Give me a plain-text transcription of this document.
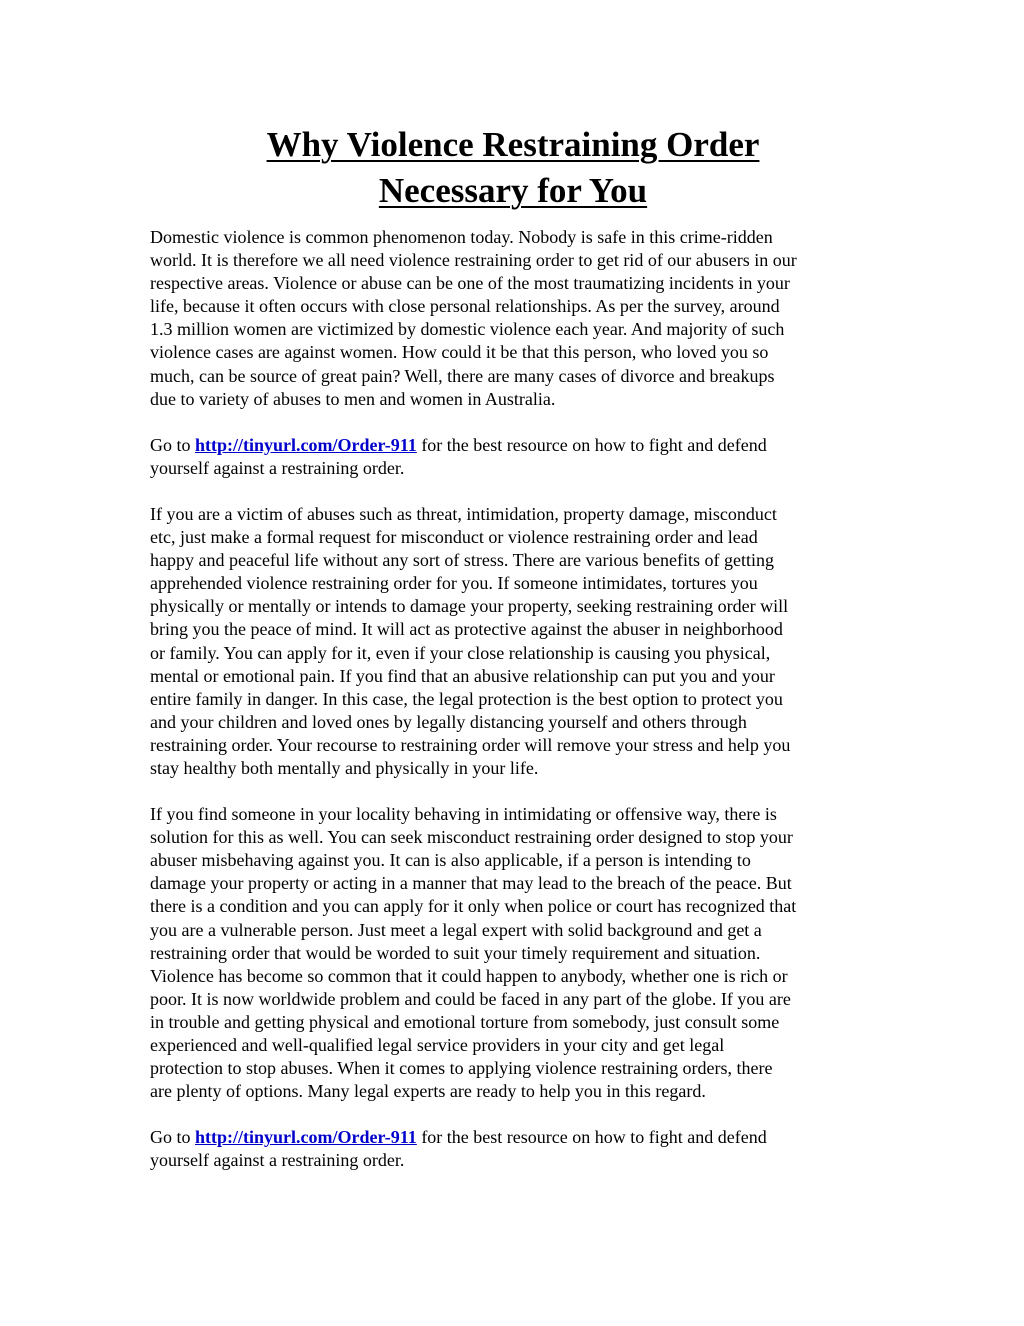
Why Violence Restraining Order
Necessary for You

Domestic violence is common phenomenon today. Nobody is safe in this crime-ridden
world. It is therefore we all need violence restraining order to get rid of our abusers in our
respective areas. Violence or abuse can be one of the most traumatizing incidents in your
life, because it often occurs with close personal relationships. As per the survey, around
1.3 million women are victimized by domestic violence each year. And majority of such
violence cases are against women. How could it be that this person, who loved you so
much, can be source of great pain? Well, there are many cases of divorce and breakups
due to variety of abuses to men and women in Australia.

Go to http://tinyurl.com/Order-911 for the best resource on how to fight and defend
yourself against a restraining order.

If you are a victim of abuses such as threat, intimidation, property damage, misconduct
etc, just make a formal request for misconduct or violence restraining order and lead
happy and peaceful life without any sort of stress. There are various benefits of getting
apprehended violence restraining order for you. If someone intimidates, tortures you
physically or mentally or intends to damage your property, seeking restraining order will
bring you the peace of mind. It will act as protective against the abuser in neighborhood
or family. You can apply for it, even if your close relationship is causing you physical,
mental or emotional pain. If you find that an abusive relationship can put you and your
entire family in danger. In this case, the legal protection is the best option to protect you
and your children and loved ones by legally distancing yourself and others through
restraining order. Your recourse to restraining order will remove your stress and help you
stay healthy both mentally and physically in your life.

If you find someone in your locality behaving in intimidating or offensive way, there is
solution for this as well. You can seek misconduct restraining order designed to stop your
abuser misbehaving against you. It can is also applicable, if a person is intending to
damage your property or acting in a manner that may lead to the breach of the peace. But
there is a condition and you can apply for it only when police or court has recognized that
you are a vulnerable person. Just meet a legal expert with solid background and get a
restraining order that would be worded to suit your timely requirement and situation.
Violence has become so common that it could happen to anybody, whether one is rich or
poor. It is now worldwide problem and could be faced in any part of the globe. If you are
in trouble and getting physical and emotional torture from somebody, just consult some
experienced and well-qualified legal service providers in your city and get legal
protection to stop abuses. When it comes to applying violence restraining orders, there
are plenty of options. Many legal experts are ready to help you in this regard.

Go to http://tinyurl.com/Order-911 for the best resource on how to fight and defend
yourself against a restraining order.
